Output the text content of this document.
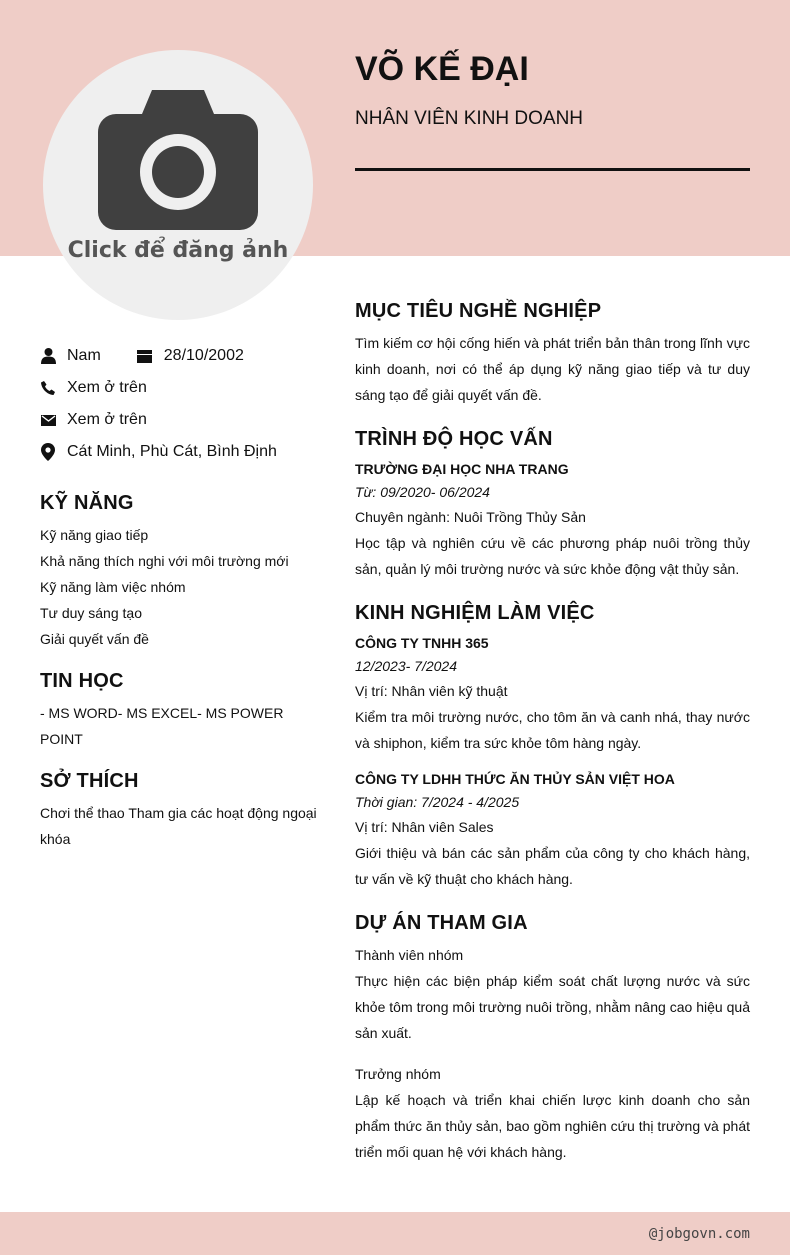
Click để đăng ảnh
VÕ KẾ ĐẠI
NHÂN VIÊN KINH DOANH
Nam	28/10/2002
Xem ở trên
Xem ở trên
Cát Minh, Phù Cát, Bình Định
KỸ NĂNG
Kỹ năng giao tiếp
Khả năng thích nghi với môi trường mới
Kỹ năng làm việc nhóm
Tư duy sáng tạo
Giải quyết vấn đề
TIN HỌC
- MS WORD- MS EXCEL- MS POWER POINT
SỞ THÍCH
Chơi thể thao Tham gia các hoạt động ngoại khóa
MỤC TIÊU NGHỀ NGHIỆP
Tìm kiếm cơ hội cống hiến và phát triển bản thân trong lĩnh vực kinh doanh, nơi có thể áp dụng kỹ năng giao tiếp và tư duy sáng tạo để giải quyết vấn đề.
TRÌNH ĐỘ HỌC VẤN
TRƯỜNG ĐẠI HỌC NHA TRANG
Từ: 09/2020- 06/2024
Chuyên ngành: Nuôi Trồng Thủy Sản
Học tập và nghiên cứu về các phương pháp nuôi trồng thủy sản, quản lý môi trường nước và sức khỏe động vật thủy sản.
KINH NGHIỆM LÀM VIỆC
CÔNG TY TNHH 365
12/2023- 7/2024
Vị trí: Nhân viên kỹ thuật
Kiểm tra môi trường nước, cho tôm ăn và canh nhá, thay nước và shiphon, kiểm tra sức khỏe tôm hàng ngày.
CÔNG TY LDHH THỨC ĂN THỦY SẢN VIỆT HOA
Thời gian: 7/2024 - 4/2025
Vị trí: Nhân viên Sales
Giới thiệu và bán các sản phẩm của công ty cho khách hàng, tư vấn về kỹ thuật cho khách hàng.
DỰ ÁN THAM GIA
Thành viên nhóm
Thực hiện các biện pháp kiểm soát chất lượng nước và sức khỏe tôm trong môi trường nuôi trồng, nhằm nâng cao hiệu quả sản xuất.
Trưởng nhóm
Lập kế hoạch và triển khai chiến lược kinh doanh cho sản phẩm thức ăn thủy sản, bao gồm nghiên cứu thị trường và phát triển mối quan hệ với khách hàng.
@jobgovn.com
